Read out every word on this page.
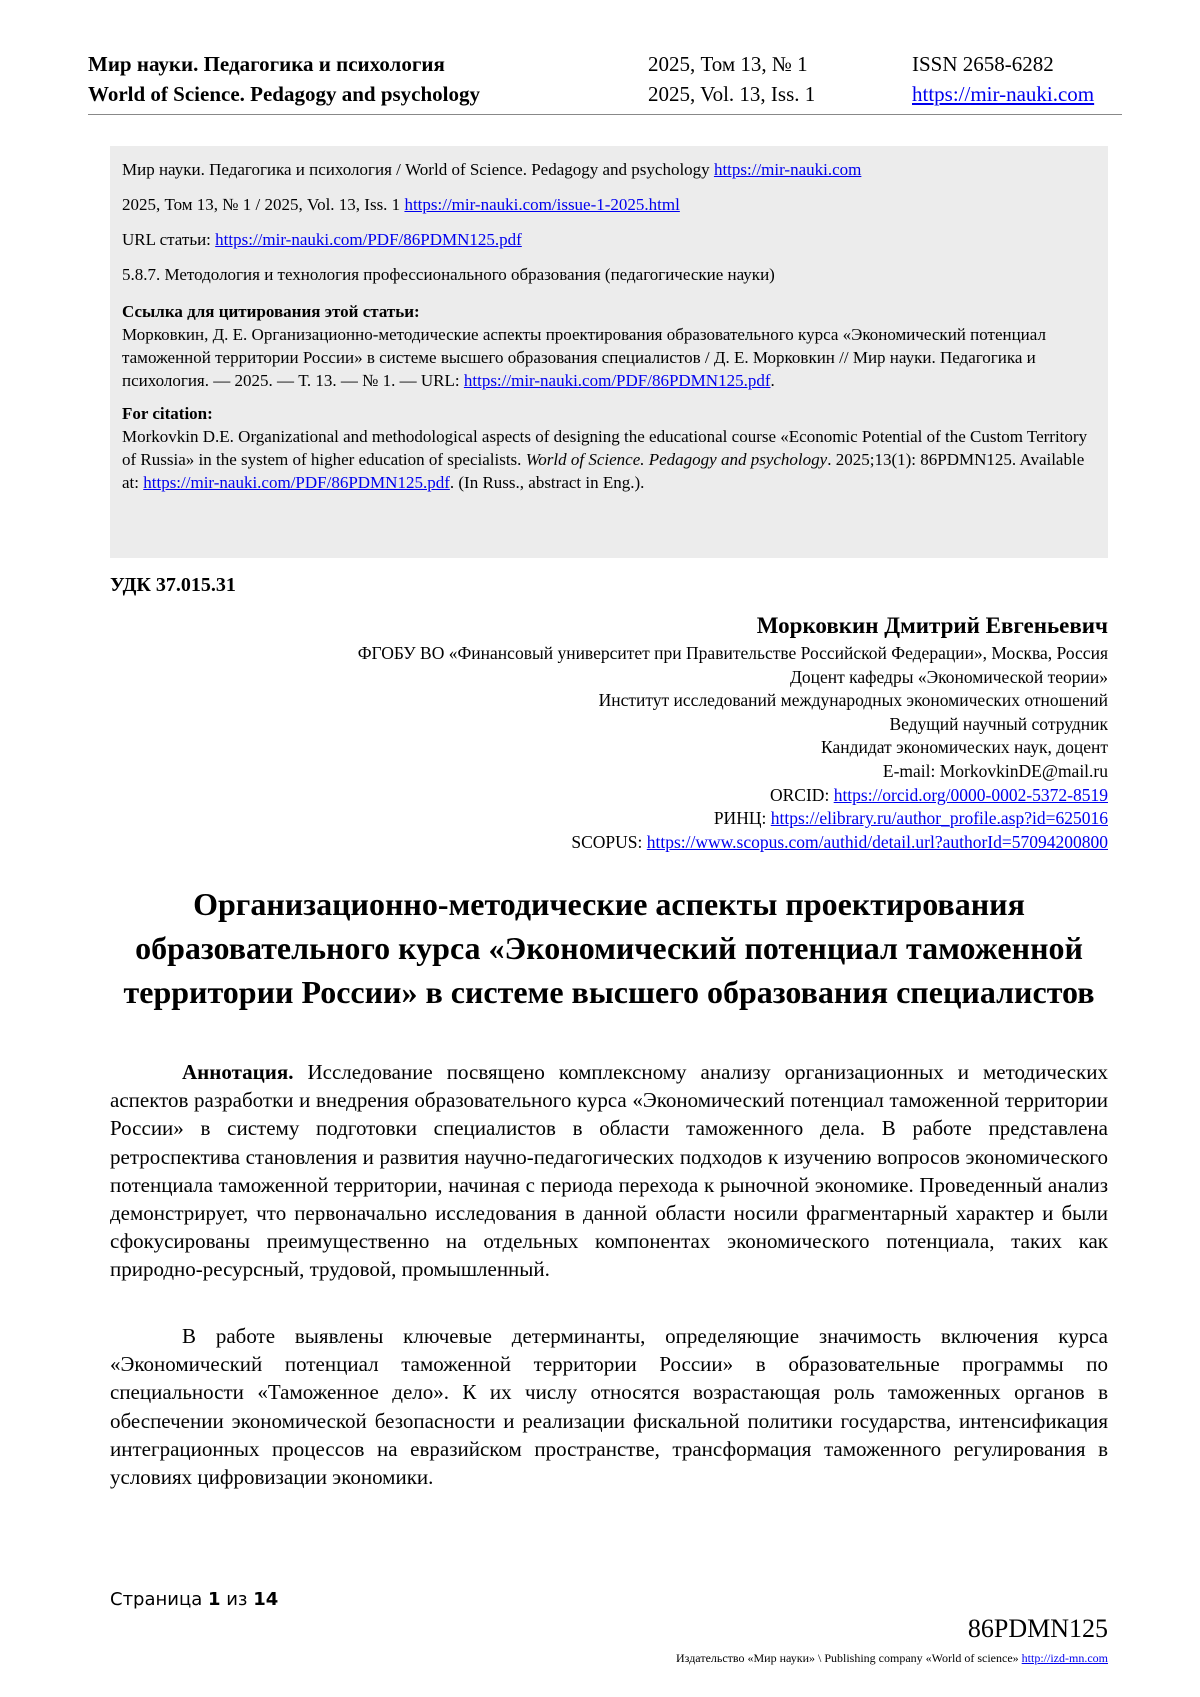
Мир науки. Педагогика и психология
World of Science. Pedagogy and psychology
2025, Том 13, № 1
2025, Vol. 13, Iss. 1
ISSN 2658-6282
https://mir-nauki.com

Мир науки. Педагогика и психология / World of Science. Pedagogy and psychology https://mir-nauki.com

2025, Том 13, № 1 / 2025, Vol. 13, Iss. 1 https://mir-nauki.com/issue-1-2025.html

URL статьи: https://mir-nauki.com/PDF/86PDMN125.pdf

5.8.7. Методология и технология профессионального образования (педагогические науки)

Ссылка для цитирования этой статьи:
Морковкин, Д. Е. Организационно-методические аспекты проектирования образовательного курса «Экономический потенциал таможенной территории России» в системе высшего образования специалистов / Д. Е. Морковкин // Мир науки. Педагогика и психология. — 2025. — Т. 13. — № 1. — URL: https://mir-nauki.com/PDF/86PDMN125.pdf.
For citation:
Morkovkin D.E. Organizational and methodological aspects of designing the educational course «Economic Potential of the Custom Territory of Russia» in the system of higher education of specialists. World of Science. Pedagogy and psychology. 2025;13(1): 86PDMN125. Available at: https://mir-nauki.com/PDF/86PDMN125.pdf. (In Russ., abstract in Eng.).
УДК 37.015.31
Морковкин Дмитрий Евгеньевич
ФГОБУ ВО «Финансовый университет при Правительстве Российской Федерации», Москва, Россия
Доцент кафедры «Экономической теории»
Институт исследований международных экономических отношений
Ведущий научный сотрудник
Кандидат экономических наук, доцент
E-mail: MorkovkinDE@mail.ru
ORCID: https://orcid.org/0000-0002-5372-8519
РИНЦ: https://elibrary.ru/author_profile.asp?id=625016
SCOPUS: https://www.scopus.com/authid/detail.url?authorId=57094200800
Организационно-методические аспекты проектирования образовательного курса «Экономический потенциал таможенной территории России» в системе высшего образования специалистов
Аннотация. Исследование посвящено комплексному анализу организационных и методических аспектов разработки и внедрения образовательного курса «Экономический потенциал таможенной территории России» в систему подготовки специалистов в области таможенного дела. В работе представлена ретроспектива становления и развития научно-педагогических подходов к изучению вопросов экономического потенциала таможенной территории, начиная с периода перехода к рыночной экономике. Проведенный анализ демонстрирует, что первоначально исследования в данной области носили фрагментарный характер и были сфокусированы преимущественно на отдельных компонентах экономического потенциала, таких как природно-ресурсный, трудовой, промышленный.
В работе выявлены ключевые детерминанты, определяющие значимость включения курса «Экономический потенциал таможенной территории России» в образовательные программы по специальности «Таможенное дело». К их числу относятся возрастающая роль таможенных органов в обеспечении экономической безопасности и реализации фискальной политики государства, интенсификация интеграционных процессов на евразийском пространстве, трансформация таможенного регулирования в условиях цифровизации экономики.
Страница 1 из 14
86PDMN125
Издательство «Мир науки» \ Publishing company «World of science» http://izd-mn.com
